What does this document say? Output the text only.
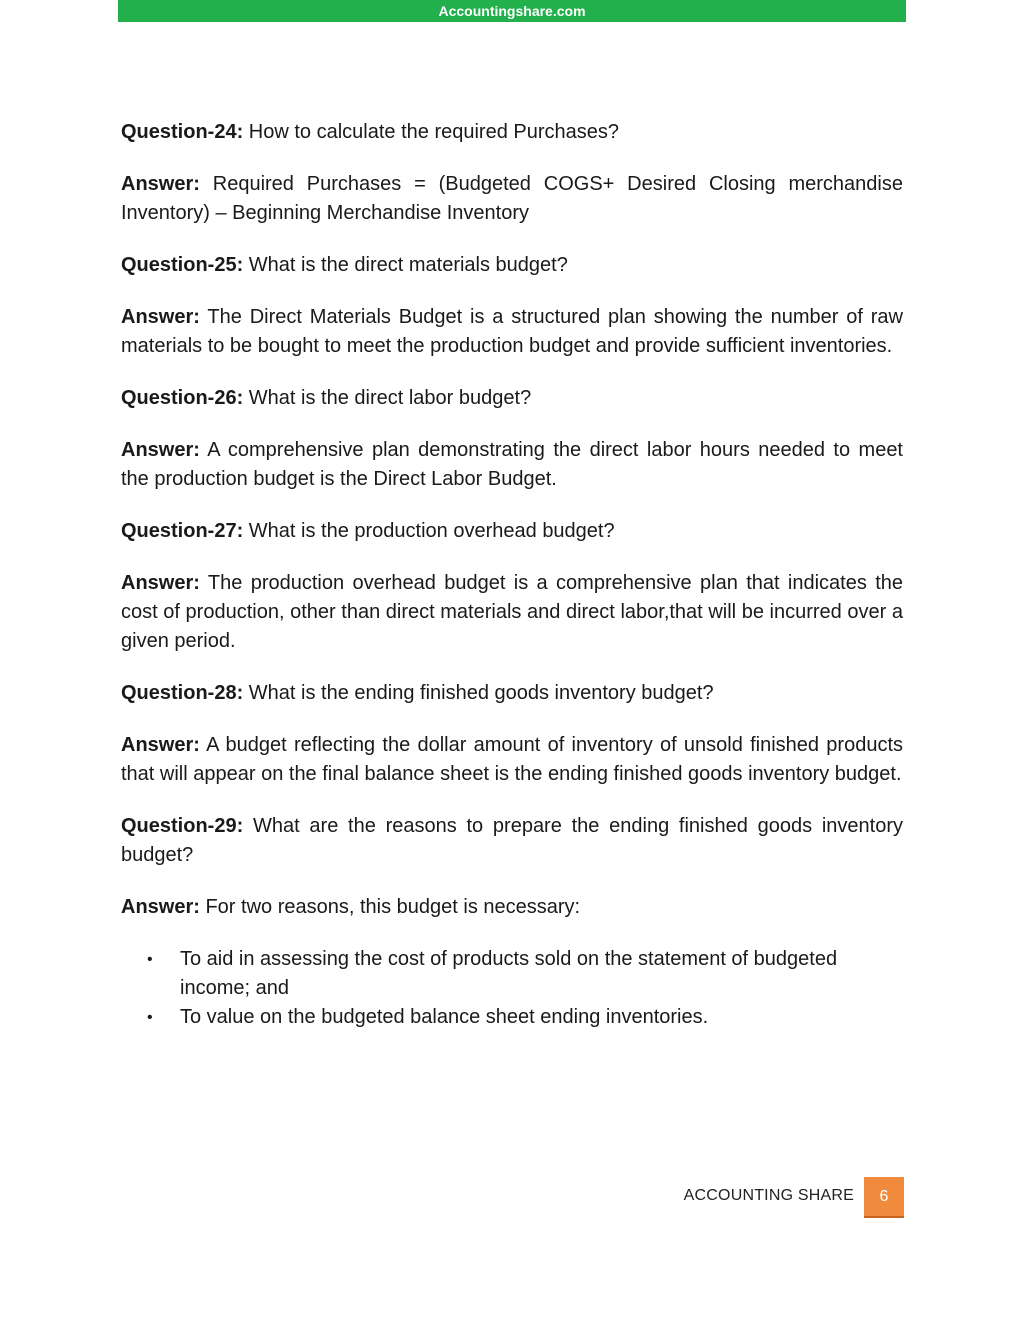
Accountingshare.com

Question-24: How to calculate the required Purchases?

Answer: Required Purchases = (Budgeted COGS+ Desired Closing merchandise Inventory) – Beginning Merchandise Inventory

Question-25: What is the direct materials budget?

Answer: The Direct Materials Budget is a structured plan showing the number of raw materials to be bought to meet the production budget and provide sufficient inventories.

Question-26: What is the direct labor budget?

Answer: A comprehensive plan demonstrating the direct labor hours needed to meet the production budget is the Direct Labor Budget.

Question-27: What is the production overhead budget?

Answer: The production overhead budget is a comprehensive plan that indicates the cost of production, other than direct materials and direct labor,that will be incurred over a given period.

Question-28: What is the ending finished goods inventory budget?

Answer: A budget reflecting the dollar amount of inventory of unsold finished products that will appear on the final balance sheet is the ending finished goods inventory budget.

Question-29: What are the reasons to prepare the ending finished goods inventory budget?

Answer: For two reasons, this budget is necessary:

• To aid in assessing the cost of products sold on the statement of budgeted income; and
• To value on the budgeted balance sheet ending inventories.
ACCOUNTING SHARE	6
